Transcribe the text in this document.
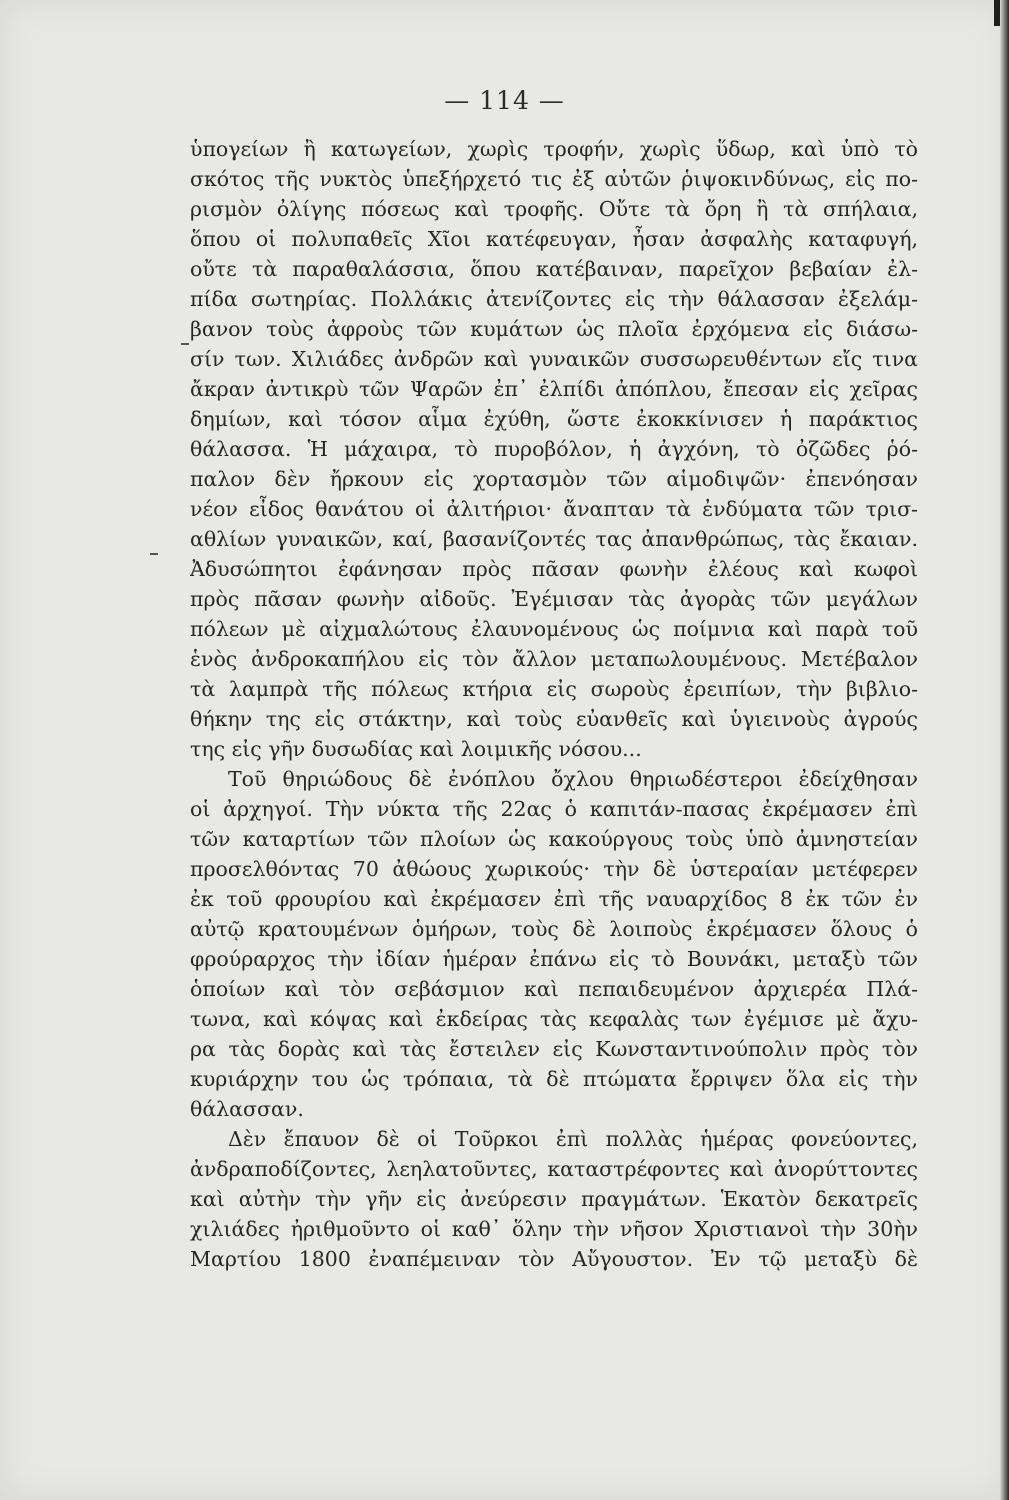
— 114 —
ὑπογείων ἢ κατωγείων, χωρὶς τροφήν, χωρὶς ὕδωρ, καὶ ὑπὸ τὸ
σκότος τῆς νυκτὸς ὑπεξήρχετό τις ἐξ αὐτῶν ῥιψοκινδύνως, εἰς πο-
ρισμὸν ὀλίγης πόσεως καὶ τροφῆς. Οὔτε τὰ ὄρη ἢ τὰ σπήλαια,
ὅπου οἱ πολυπαθεῖς Χῖοι κατέφευγαν, ἦσαν ἀσφαλὴς καταφυγή,
οὔτε τὰ παραθαλάσσια, ὅπου κατέβαιναν, παρεῖχον βεβαίαν ἐλ-
πίδα σωτηρίας. Πολλάκις ἀτενίζοντες εἰς τὴν θάλασσαν ἐξελάμ-
βανον τοὺς ἀφροὺς τῶν κυμάτων ὡς πλοῖα ἐρχόμενα εἰς διάσω-
σίν των. Χιλιάδες ἀνδρῶν καὶ γυναικῶν συσσωρευθέντων εἴς τινα
ἄκραν ἀντικρὺ τῶν Ψαρῶν ἐπ᾽ ἐλπίδι ἀπόπλου, ἔπεσαν εἰς χεῖρας
δημίων, καὶ τόσον αἷμα ἐχύθη, ὥστε ἐκοκκίνισεν ἡ παράκτιος
θάλασσα. Ἡ μάχαιρα, τὸ πυροβόλον, ἡ ἀγχόνη, τὸ ὀζῶδες ῥό-
παλον δὲν ἤρκουν εἰς χορτασμὸν τῶν αἱμοδιψῶν· ἐπενόησαν
νέον εἶδος θανάτου οἱ ἀλιτήριοι· ἄναπταν τὰ ἐνδύματα τῶν τρισ-
αθλίων γυναικῶν, καί, βασανίζοντές τας ἀπανθρώπως, τὰς ἔκαιαν.
Ἀδυσώπητοι ἐφάνησαν πρὸς πᾶσαν φωνὴν ἐλέους καὶ κωφοὶ
πρὸς πᾶσαν φωνὴν αἰδοῦς. Ἐγέμισαν τὰς ἀγορὰς τῶν μεγάλων
πόλεων μὲ αἰχμαλώτους ἐλαυνομένους ὡς ποίμνια καὶ παρὰ τοῦ
ἑνὸς ἀνδροκαπήλου εἰς τὸν ἄλλον μεταπωλουμένους. Μετέβαλον
τὰ λαμπρὰ τῆς πόλεως κτήρια εἰς σωροὺς ἐρειπίων, τὴν βιβλιο-
θήκην της εἰς στάκτην, καὶ τοὺς εὐανθεῖς καὶ ὑγιεινοὺς ἀγρούς
της εἰς γῆν δυσωδίας καὶ λοιμικῆς νόσου...
Τοῦ θηριώδους δὲ ἐνόπλου ὄχλου θηριωδέστεροι ἐδείχθησαν
οἱ ἀρχηγοί. Τὴν νύκτα τῆς 22ας ὁ καπιτάν-πασας ἐκρέμασεν ἐπὶ
τῶν καταρτίων τῶν πλοίων ὡς κακούργους τοὺς ὑπὸ ἀμνηστείαν
προσελθόντας 70 ἀθώους χωρικούς· τὴν δὲ ὑστεραίαν μετέφερεν
ἐκ τοῦ φρουρίου καὶ ἐκρέμασεν ἐπὶ τῆς ναυαρχίδος 8 ἐκ τῶν ἐν
αὐτῷ κρατουμένων ὁμήρων, τοὺς δὲ λοιποὺς ἐκρέμασεν ὅλους ὁ
φρούραρχος τὴν ἰδίαν ἡμέραν ἐπάνω εἰς τὸ Βουνάκι, μεταξὺ τῶν
ὁποίων καὶ τὸν σεβάσμιον καὶ πεπαιδευμένον ἀρχιερέα Πλά-
τωνα, καὶ κόψας καὶ ἐκδείρας τὰς κεφαλὰς των ἐγέμισε μὲ ἄχυ-
ρα τὰς δορὰς καὶ τὰς ἔστειλεν εἰς Κωνσταντινούπολιν πρὸς τὸν
κυριάρχην του ὡς τρόπαια, τὰ δὲ πτώματα ἔρριψεν ὅλα εἰς τὴν
θάλασσαν.
Δὲν ἔπαυον δὲ οἱ Τοῦρκοι ἐπὶ πολλὰς ἡμέρας φονεύοντες,
ἀνδραποδίζοντες, λεηλατοῦντες, καταστρέφοντες καὶ ἀνορύττοντες
καὶ αὐτὴν τὴν γῆν εἰς ἀνεύρεσιν πραγμάτων. Ἑκατὸν δεκατρεῖς
χιλιάδες ἠριθμοῦντο οἱ καθ᾽ ὅλην τὴν νῆσον Χριστιανοὶ τὴν 30ὴν
Μαρτίου 1800 ἐναπέμειναν τὸν Αὔγουστον. Ἐν τῷ μεταξὺ δὲ
